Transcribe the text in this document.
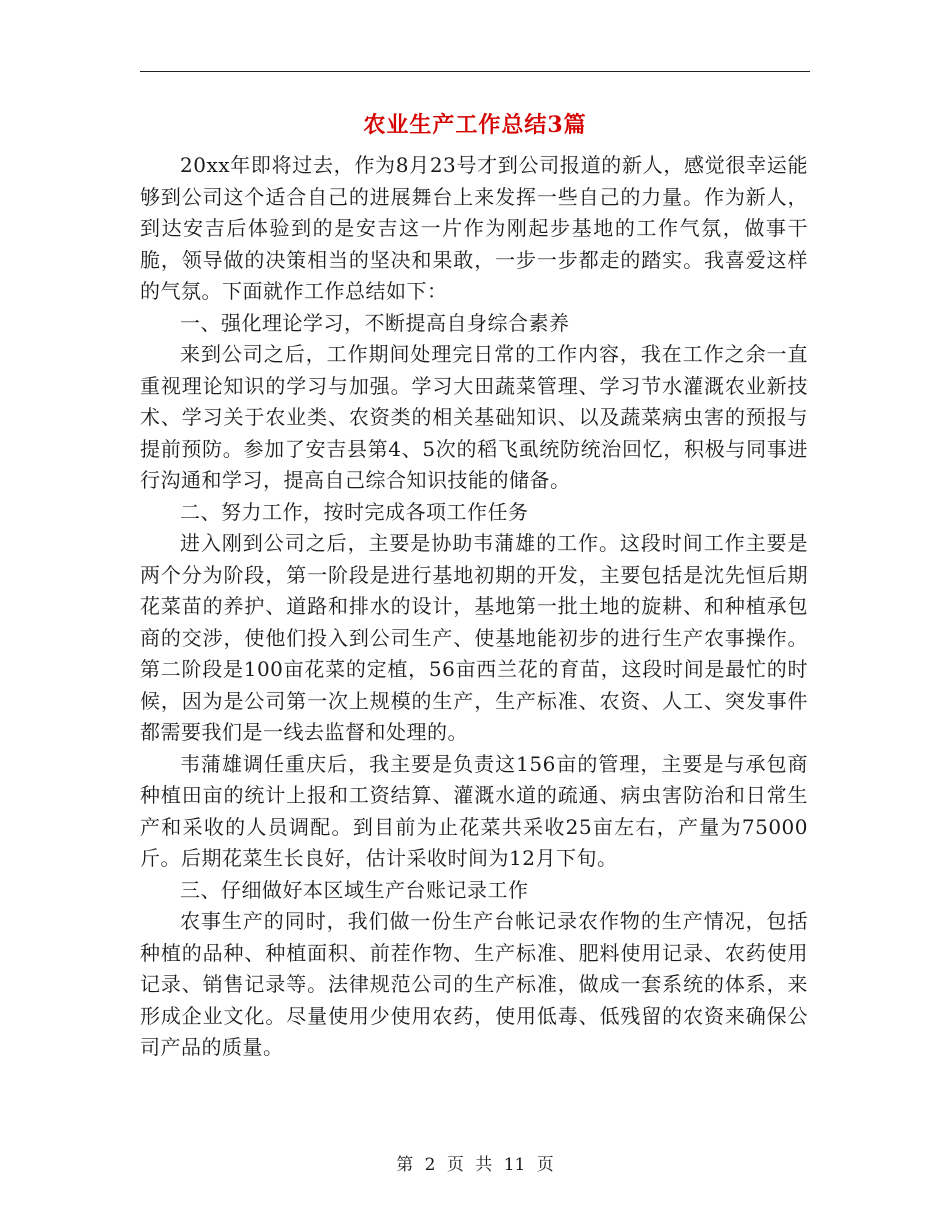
农业生产工作总结3篇

20xx年即将过去，作为8月23号才到公司报道的新人，感觉很幸运能够到公司这个适合自己的进展舞台上来发挥一些自己的力量。作为新人，到达安吉后体验到的是安吉这一片作为刚起步基地的工作气氛，做事干脆，领导做的决策相当的坚决和果敢，一步一步都走的踏实。我喜爱这样的气氛。下面就作工作总结如下：

一、强化理论学习，不断提高自身综合素养

来到公司之后，工作期间处理完日常的工作内容，我在工作之余一直重视理论知识的学习与加强。学习大田蔬菜管理、学习节水灌溉农业新技术、学习关于农业类、农资类的相关基础知识、以及蔬菜病虫害的预报与提前预防。参加了安吉县第4、5次的稻飞虱统防统治回忆，积极与同事进行沟通和学习，提高自己综合知识技能的储备。

二、努力工作，按时完成各项工作任务

进入刚到公司之后，主要是协助韦蒲雄的工作。这段时间工作主要是两个分为阶段，第一阶段是进行基地初期的开发，主要包括是沈先恒后期花菜苗的养护、道路和排水的设计，基地第一批土地的旋耕、和种植承包商的交涉，使他们投入到公司生产、使基地能初步的进行生产农事操作。第二阶段是100亩花菜的定植，56亩西兰花的育苗，这段时间是最忙的时候，因为是公司第一次上规模的生产，生产标准、农资、人工、突发事件都需要我们是一线去监督和处理的。

韦蒲雄调任重庆后，我主要是负责这156亩的管理，主要是与承包商种植田亩的统计上报和工资结算、灌溉水道的疏通、病虫害防治和日常生产和采收的人员调配。到目前为止花菜共采收25亩左右，产量为75000斤。后期花菜生长良好，估计采收时间为12月下旬。

三、仔细做好本区域生产台账记录工作

农事生产的同时，我们做一份生产台帐记录农作物的生产情况，包括种植的品种、种植面积、前茬作物、生产标准、肥料使用记录、农药使用记录、销售记录等。法律规范公司的生产标准，做成一套系统的体系，来形成企业文化。尽量使用少使用农药，使用低毒、低残留的农资来确保公司产品的质量。

第 2 页 共 11 页
